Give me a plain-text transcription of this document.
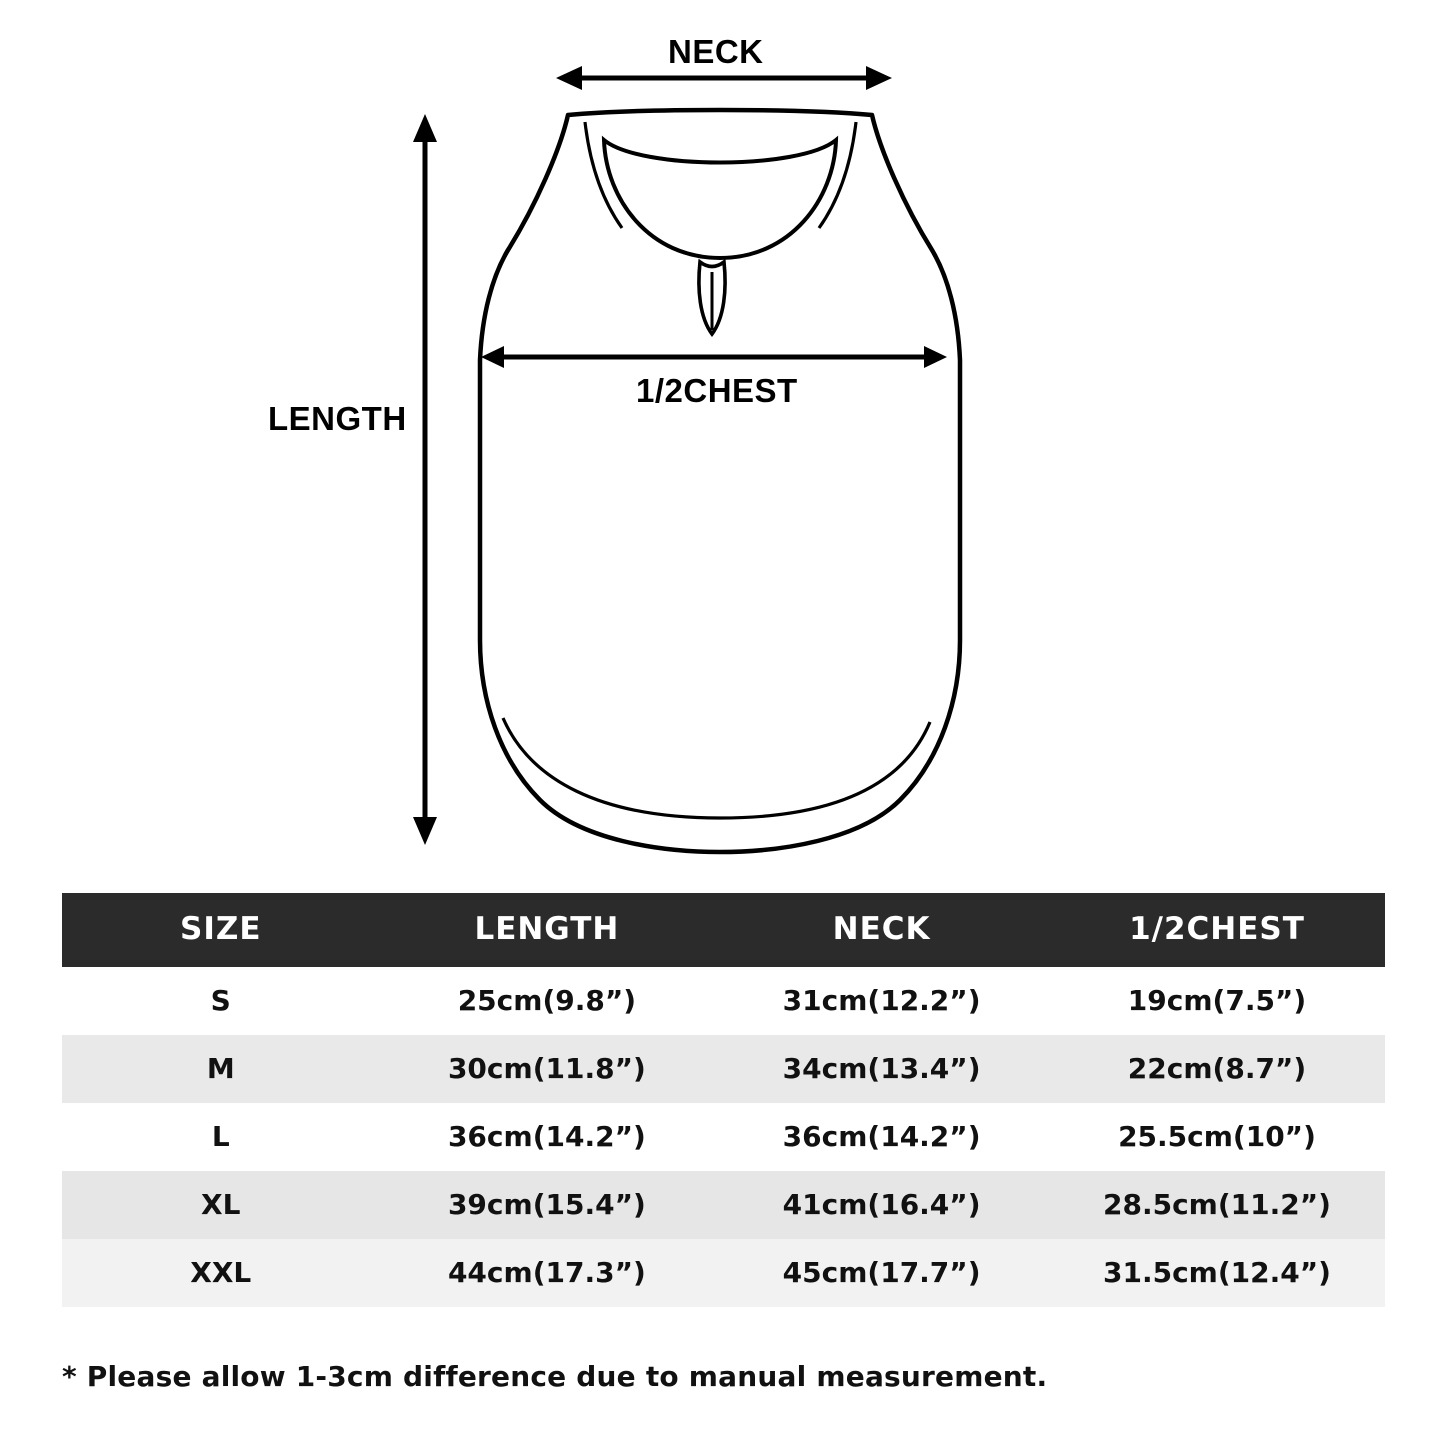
NECK
LENGTH
1/2CHEST
SIZE	LENGTH	NECK	1/2CHEST
S	25cm(9.8”)	31cm(12.2”)	19cm(7.5”)
M	30cm(11.8”)	34cm(13.4”)	22cm(8.7”)
L	36cm(14.2”)	36cm(14.2”)	25.5cm(10”)
XL	39cm(15.4”)	41cm(16.4”)	28.5cm(11.2”)
XXL	44cm(17.3”)	45cm(17.7”)	31.5cm(12.4”)
* Please allow 1-3cm difference due to manual measurement.
